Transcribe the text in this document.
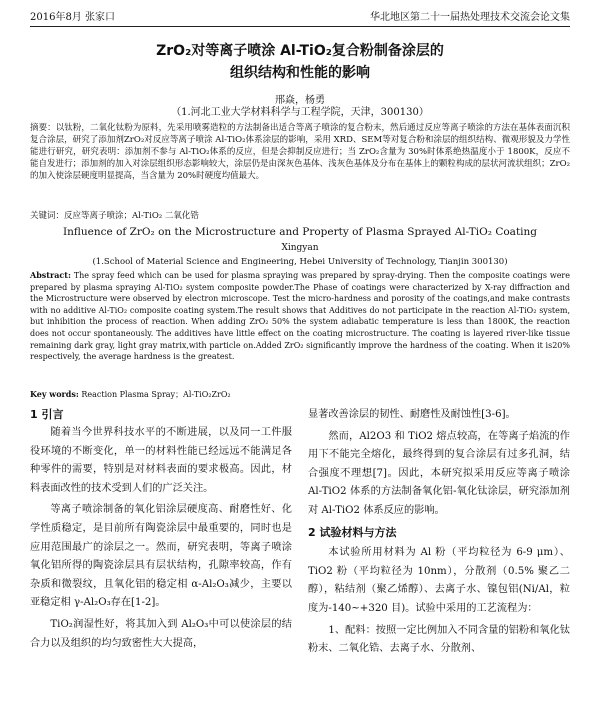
2016年8月 张家口	华北地区第二十一届热处理技术交流会论文集
ZrO₂对等离子喷涂 Al-TiO₂复合粉制备涂层的
组织结构和性能的影响
邢焱，杨勇
（1.河北工业大学材料科学与工程学院，天津，300130）
摘要：以钛粉，二氧化钛粉为原料，先采用喷雾造粒的方法制备出适合等离子喷涂的复合粉末，然后通过反应等离子喷涂的方法在基体表面沉积复合涂层，研究了添加剂ZrO₂对反应等离子喷涂 Al-TiO₂体系涂层的影响，采用 XRD、SEM等对复合粉和涂层的组织结构、微观形貌及力学性能进行研究，研究表明：添加剂不参与 Al-TiO₂体系的反应，但是会抑制反应进行；当 ZrO₂含量为 30%时体系绝热温度小于 1800K，反应不能自发进行；添加剂的加入对涂层组织形态影响较大，涂层仍是由深灰色基体、浅灰色基体及分布在基体上的颗粒构成的层状河流状组织；ZrO₂的加入使涂层硬度明显提高，当含量为 20%时硬度均值最大。
关键词：反应等离子喷涂；Al-TiO₂ 二氧化锆
Influence of ZrO₂ on the Microstructure and Property of Plasma Sprayed Al-TiO₂ Coating
Xingyan
(1.School of Material Science and Engineering, Hebei University of Technology, Tianjin 300130)
Abstract: The spray feed which can be used for plasma spraying was prepared by spray-drying. Then the composite coatings were prepared by plasma spraying Al-TiO₂ system composite powder.The Phase of coatings were characterized by X-ray diffraction and the Microstructure were observed by electron microscope. Test the micro-hardness and porosity of the coatings,and make contrasts with no additive Al-TiO₂ composite coating system.The result shows that Additives do not participate in the reaction Al-TiO₂ system, but inhibition the process of reaction. When adding ZrO₂ 50% the system adiabatic temperature is less than 1800K, the reaction does not occur spontaneously. The additives have little effect on the coating microstructure. The coating is layered river-like tissue remaining dark gray, light gray matrix,with particle on.Added ZrO₂ significantly improve the hardness of the coating. When it is20% respectively, the average hardness is the greatest.
Key words: Reaction Plasma Spray；Al-TiO₂ZrO₂
1 引言
随着当今世界科技水平的不断进展，以及同一工件服役环境的不断变化，单一的材料性能已经远远不能满足各种零件的需要，特别是对材料表面的要求极高。因此，材料表面改性的技术受到人们的广泛关注。
等离子喷涂制备的氧化铝涂层硬度高、耐磨性好、化学性质稳定，是目前所有陶瓷涂层中最重要的，同时也是应用范围最广的涂层之一。然而，研究表明，等离子喷涂氧化铝所得的陶瓷涂层具有层状结构，孔隙率较高，作有杂质和微裂纹，且氧化铝的稳定相 α-Al₂O₃减少，主要以亚稳定相 γ-Al₂O₃存在[1-2]。
TiO₂润湿性好，将其加入到 Al₂O₃中可以使涂层的结合力以及组织的均匀致密性大大提高，
显著改善涂层的韧性、耐磨性及耐蚀性[3-6]。
然而，Al2O3 和 TiO2 熔点较高，在等离子焰流的作用下不能完全熔化，最终得到的复合涂层有过多孔洞，结合强度不理想[7]。因此，本研究拟采用反应等离子喷涂 Al-TiO2 体系的方法制备氧化铝-氧化钛涂层，研究添加剂对 Al-TiO2 体系反应的影响。
2 试验材料与方法
本试验所用材料为 Al 粉（平均粒径为 6-9 μm）、TiO2 粉（平均粒径为 10nm），分散剂（0.5% 聚乙二醇），粘结剂（聚乙烯醇）、去离子水、镍包铝(Ni/Al，粒度为-140~+320 目)。试验中采用的工艺流程为：
1、配料：按照一定比例加入不同含量的铝粉和氧化钛粉末、二氧化锆、去离子水、分散剂、
